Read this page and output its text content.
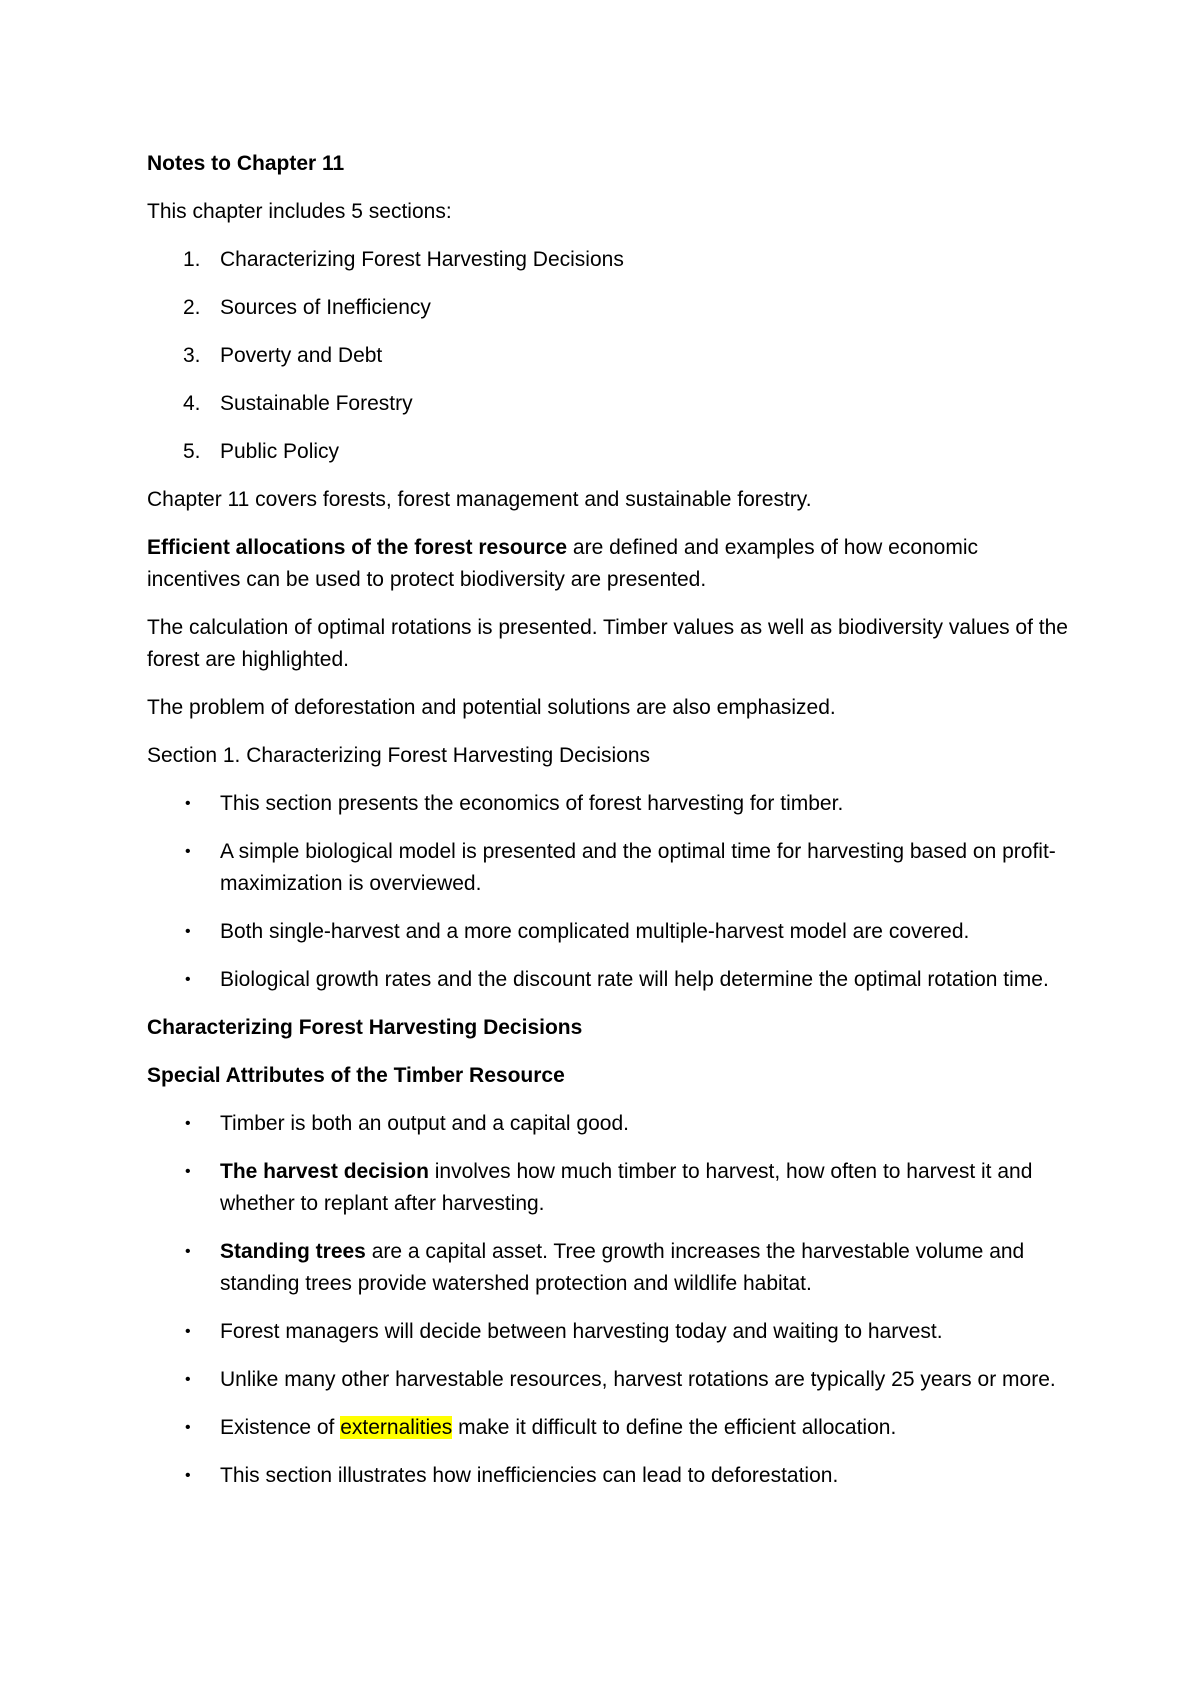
Notes to Chapter 11

This chapter includes 5 sections:

1. Characterizing Forest Harvesting Decisions
2. Sources of Inefficiency
3. Poverty and Debt
4. Sustainable Forestry
5. Public Policy

Chapter 11 covers forests, forest management and sustainable forestry.

Efficient allocations of the forest resource are defined and examples of how economic incentives can be used to protect biodiversity are presented.

The calculation of optimal rotations is presented. Timber values as well as biodiversity values of the forest are highlighted.

The problem of deforestation and potential solutions are also emphasized.

Section 1. Characterizing Forest Harvesting Decisions

•	This section presents the economics of forest harvesting for timber.
•	A simple biological model is presented and the optimal time for harvesting based on profit-maximization is overviewed.
•	Both single-harvest and a more complicated multiple-harvest model are covered.
•	Biological growth rates and the discount rate will help determine the optimal rotation time.

Characterizing Forest Harvesting Decisions

Special Attributes of the Timber Resource

•	Timber is both an output and a capital good.
•	The harvest decision involves how much timber to harvest, how often to harvest it and whether to replant after harvesting.
•	Standing trees are a capital asset. Tree growth increases the harvestable volume and standing trees provide watershed protection and wildlife habitat.
•	Forest managers will decide between harvesting today and waiting to harvest.
•	Unlike many other harvestable resources, harvest rotations are typically 25 years or more.
•	Existence of externalities make it difficult to define the efficient allocation.
•	This section illustrates how inefficiencies can lead to deforestation.
